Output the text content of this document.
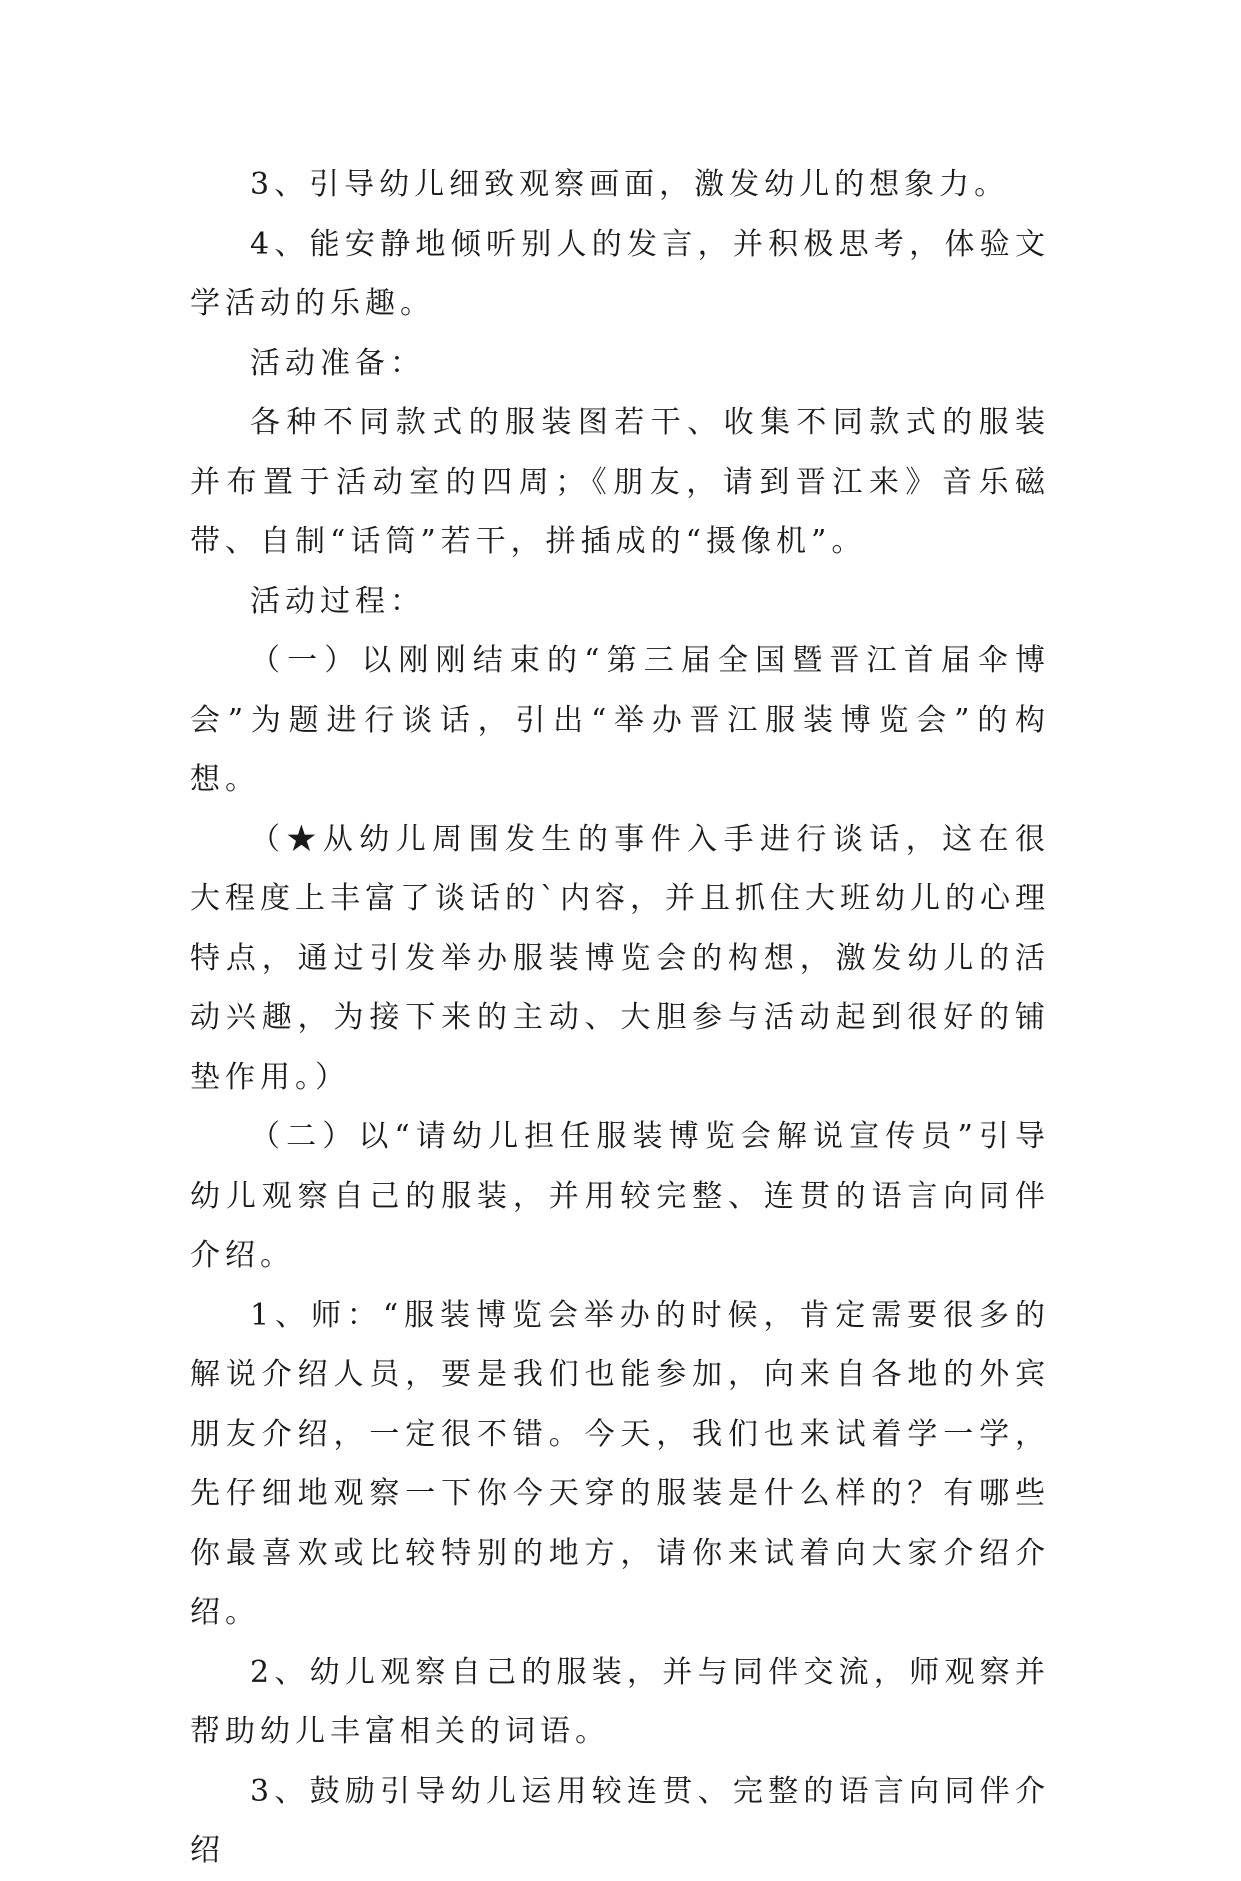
3、引导幼儿细致观察画面，激发幼儿的想象力。

4、能安静地倾听别人的发言，并积极思考，体验文学活动的乐趣。

活动准备：

各种不同款式的服装图若干、收集不同款式的服装并布置于活动室的四周；《朋友，请到晋江来》音乐磁带、自制“话筒”若干，拼插成的“摄像机”。

活动过程：

（一）以刚刚结束的“第三届全国暨晋江首届伞博会”为题进行谈话，引出“举办晋江服装博览会”的构想。

（★从幼儿周围发生的事件入手进行谈话，这在很大程度上丰富了谈话的`内容，并且抓住大班幼儿的心理特点，通过引发举办服装博览会的构想，激发幼儿的活动兴趣，为接下来的主动、大胆参与活动起到很好的铺垫作用。）

（二）以“请幼儿担任服装博览会解说宣传员”引导幼儿观察自己的服装，并用较完整、连贯的语言向同伴介绍。

1、师：“服装博览会举办的时候，肯定需要很多的解说介绍人员，要是我们也能参加，向来自各地的外宾朋友介绍，一定很不错。今天，我们也来试着学一学，先仔细地观察一下你今天穿的服装是什么样的？有哪些你最喜欢或比较特别的地方，请你来试着向大家介绍介绍。

2、幼儿观察自己的服装，并与同伴交流，师观察并帮助幼儿丰富相关的词语。

3、鼓励引导幼儿运用较连贯、完整的语言向同伴介绍
